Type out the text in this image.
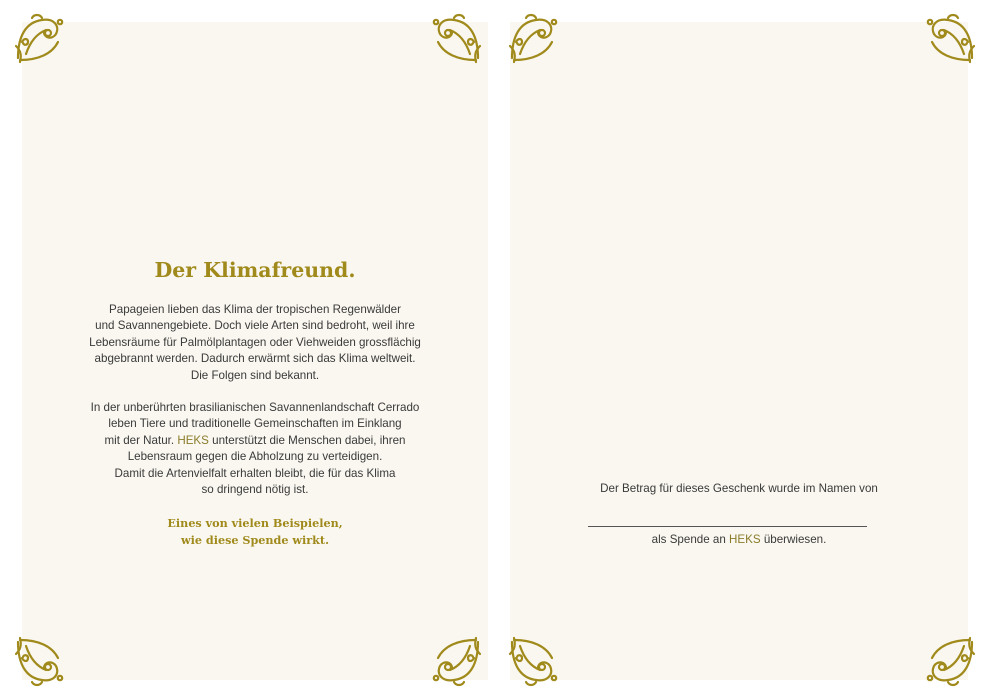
Der Klimafreund.
Papageien lieben das Klima der tropischen Regenwälder
und Savannengebiete. Doch viele Arten sind bedroht, weil ihre
Lebensräume für Palmölplantagen oder Viehweiden grossflächig
abgebrannt werden. Dadurch erwärmt sich das Klima weltweit.
Die Folgen sind bekannt.
In der unberührten brasilianischen Savannenlandschaft Cerrado
leben Tiere und traditionelle Gemeinschaften im Einklang
mit der Natur. HEKS unterstützt die Menschen dabei, ihren
Lebensraum gegen die Abholzung zu verteidigen.
Damit die Artenvielfalt erhalten bleibt, die für das Klima
so dringend nötig ist.
Eines von vielen Beispielen,
wie diese Spende wirkt.
Der Betrag für dieses Geschenk wurde im Namen von
als Spende an HEKS überwiesen.
